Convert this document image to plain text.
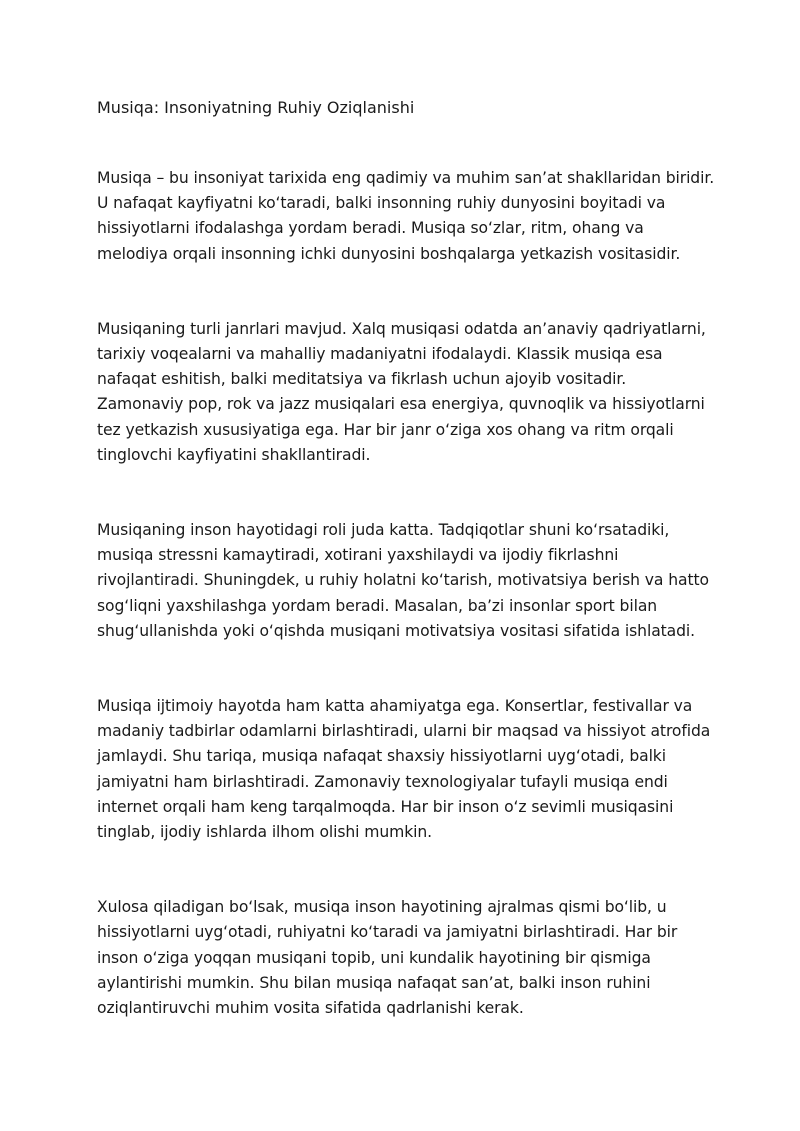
Musiqa: Insoniyatning Ruhiy Oziqlanishi

Musiqa – bu insoniyat tarixida eng qadimiy va muhim san’at shakllaridan biridir. U nafaqat kayfiyatni ko‘taradi, balki insonning ruhiy dunyosini boyitadi va hissiyotlarni ifodalashga yordam beradi. Musiqa so‘zlar, ritm, ohang va melodiya orqali insonning ichki dunyosini boshqalarga yetkazish vositasidir.

Musiqaning turli janrlari mavjud. Xalq musiqasi odatda an’anaviy qadriyatlarni, tarixiy voqealarni va mahalliy madaniyatni ifodalaydi. Klassik musiqa esa nafaqat eshitish, balki meditatsiya va fikrlash uchun ajoyib vositadir. Zamonaviy pop, rok va jazz musiqalari esa energiya, quvnoqlik va hissiyotlarni tez yetkazish xususiyatiga ega. Har bir janr o‘ziga xos ohang va ritm orqali tinglovchi kayfiyatini shakllantiradi.

Musiqaning inson hayotidagi roli juda katta. Tadqiqotlar shuni ko‘rsatadiki, musiqa stressni kamaytiradi, xotirani yaxshilaydi va ijodiy fikrlashni rivojlantiradi. Shuningdek, u ruhiy holatni ko‘tarish, motivatsiya berish va hatto sog‘liqni yaxshilashga yordam beradi. Masalan, ba’zi insonlar sport bilan shug‘ullanishda yoki o‘qishda musiqani motivatsiya vositasi sifatida ishlatadi.

Musiqa ijtimoiy hayotda ham katta ahamiyatga ega. Konsertlar, festivallar va madaniy tadbirlar odamlarni birlashtiradi, ularni bir maqsad va hissiyot atrofida jamlaydi. Shu tariqa, musiqa nafaqat shaxsiy hissiyotlarni uyg‘otadi, balki jamiyatni ham birlashtiradi. Zamonaviy texnologiyalar tufayli musiqa endi internet orqali ham keng tarqalmoqda. Har bir inson o‘z sevimli musiqasini tinglab, ijodiy ishlarda ilhom olishi mumkin.

Xulosa qiladigan bo‘lsak, musiqa inson hayotining ajralmas qismi bo‘lib, u hissiyotlarni uyg‘otadi, ruhiyatni ko‘taradi va jamiyatni birlashtiradi. Har bir inson o‘ziga yoqqan musiqani topib, uni kundalik hayotining bir qismiga aylantirishi mumkin. Shu bilan musiqa nafaqat san’at, balki inson ruhini oziqlantiruvchi muhim vosita sifatida qadrlanishi kerak.
